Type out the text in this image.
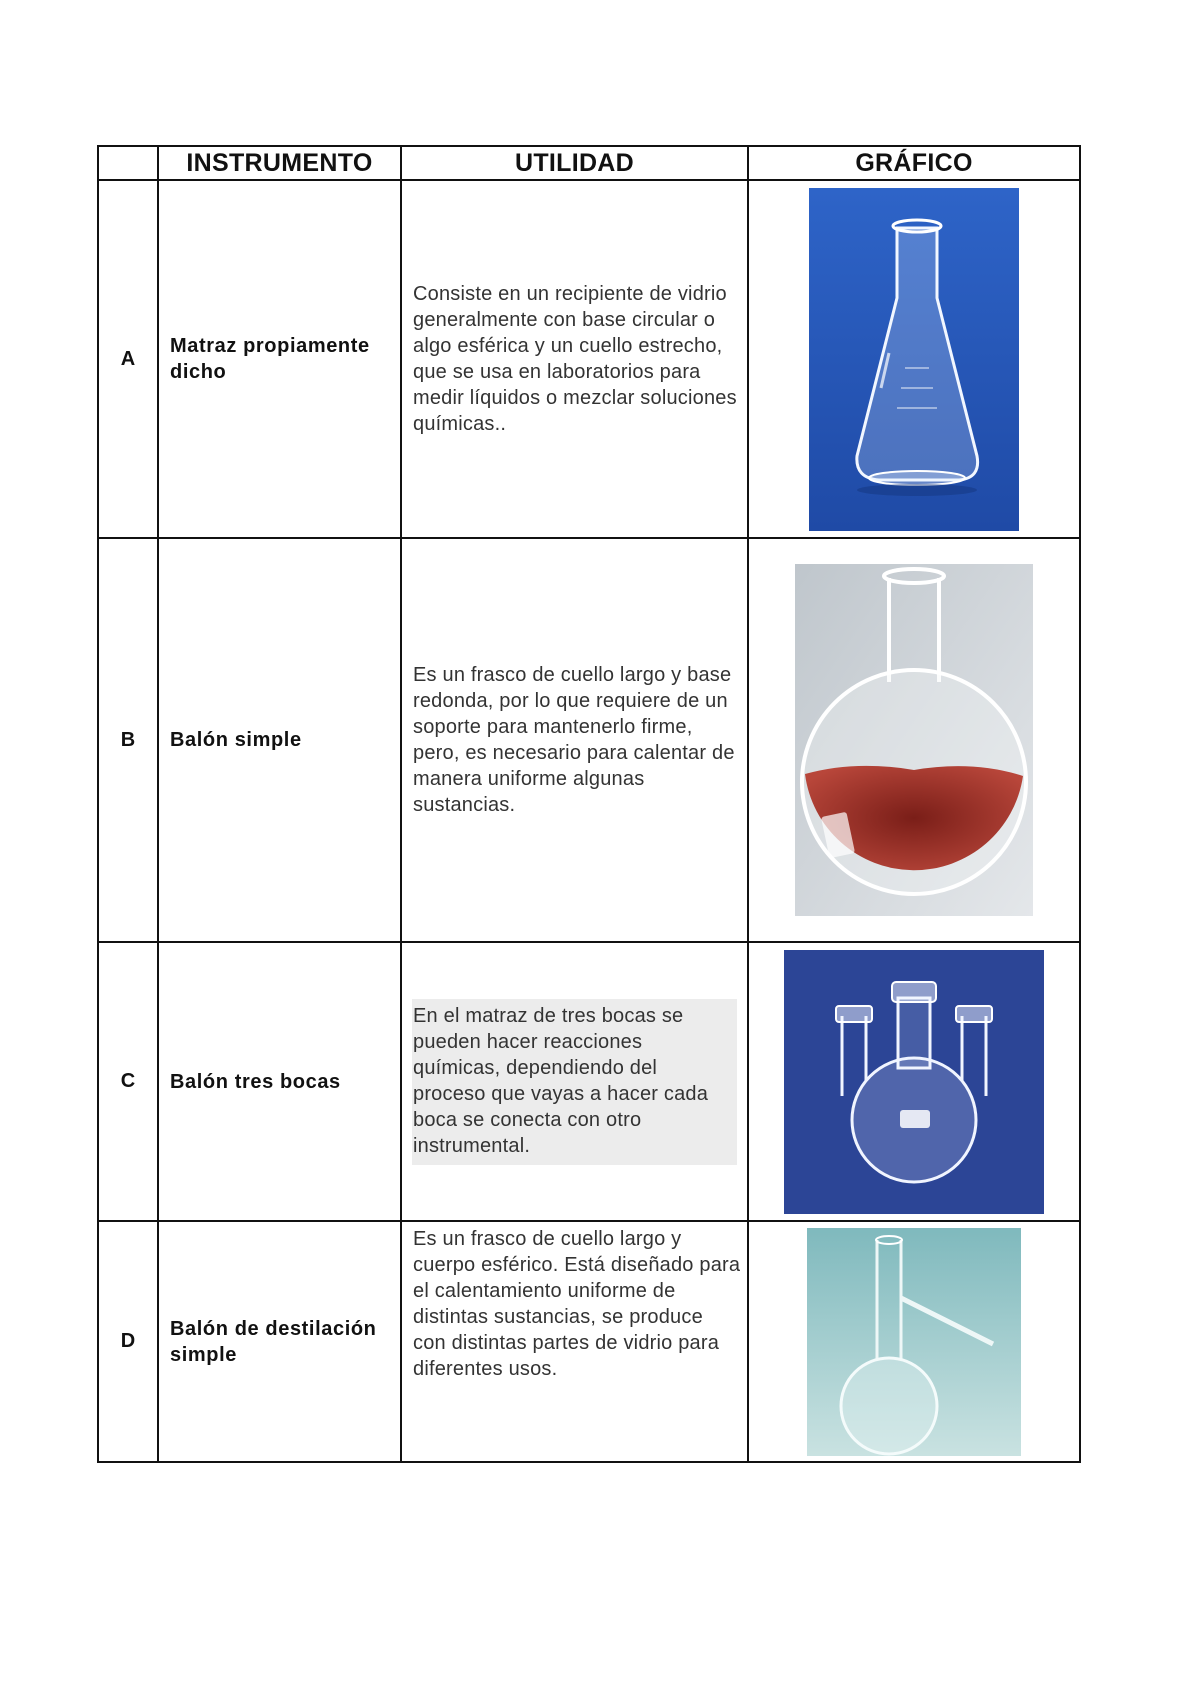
	INSTRUMENTO	UTILIDAD	GRÁFICO
A	Matraz propiamente dicho	Consiste en un recipiente de vidrio generalmente con base circular o algo esférica y un cuello estrecho, que se usa en laboratorios para medir líquidos o mezclar soluciones químicas..	
B	Balón simple	Es un frasco de cuello largo y base redonda, por lo que requiere de un soporte para mantenerlo firme, pero, es necesario para calentar de manera uniforme algunas sustancias.	
C	Balón tres bocas	En el matraz de tres bocas se pueden hacer reacciones químicas, dependiendo del proceso que vayas a hacer cada boca se conecta con otro instrumental.

D	Balón de destilación simple	Es un frasco de cuello largo y cuerpo esférico. Está diseñado para el calentamiento uniforme de distintas sustancias, se produce con distintas partes de vidrio para diferentes usos.	
